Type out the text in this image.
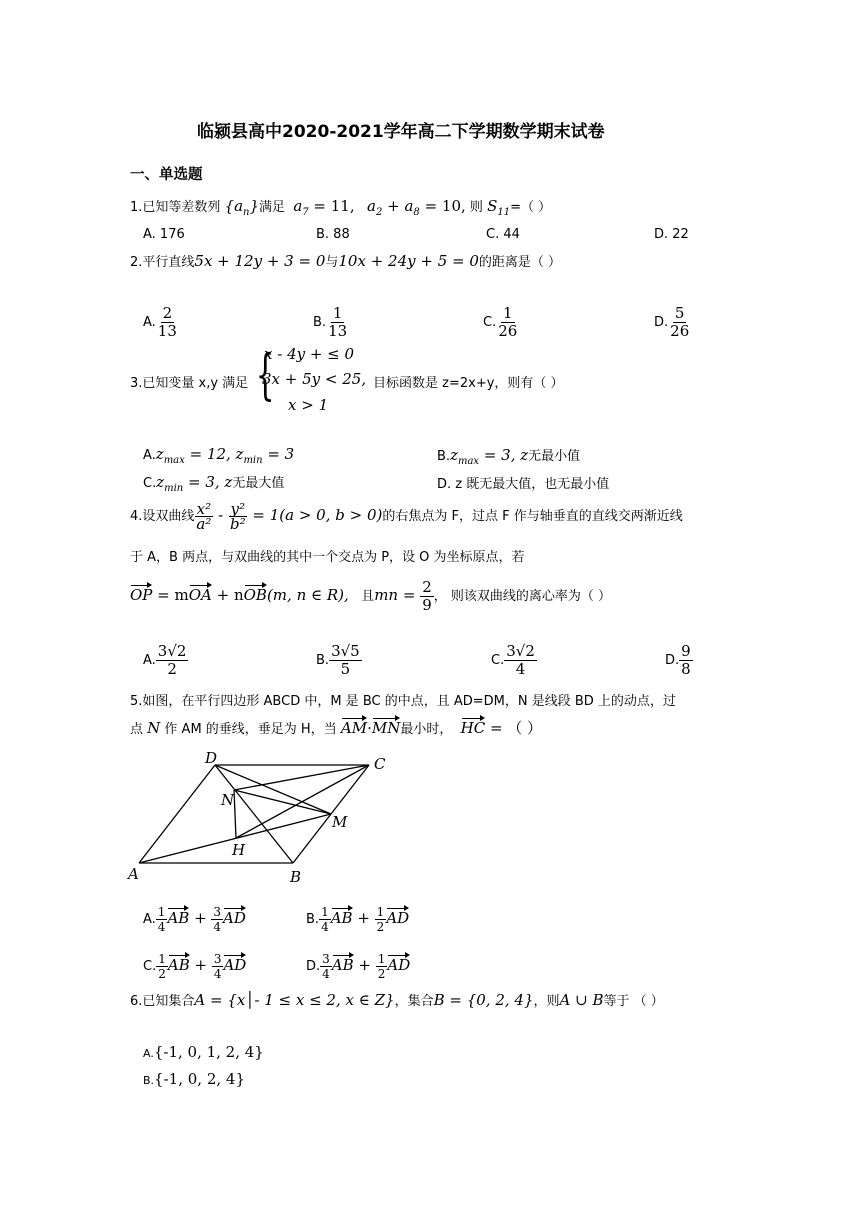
临颍县高中2020-2021学年高二下学期数学期末试卷
一、单选题
1.已知等差数列 $\{a_n\}$满足 $a_7 = 11$, $a_2 + a_8 = 10$, 则 $S_{11}=$（ ）
A. 176	B. 88	C. 44	D. 22
2.平行直线5x + 12y + 3 = 0与10x + 24y + 5 = 0的距离是（ ）
A. $\frac{2}{13}$	B. $\frac{1}{13}$	C. $\frac{1}{26}$	D. $\frac{5}{26}$
3.已知变量 x,y 满足 {
x - 4y + ≤ 0
3x + 5y < 25,
x > 1
目标函数是 z=2x+y，则有（ ）
$A.z_{max} = 12$, $z_{min} = 3$	$B.z_{max} = 3$, z无最小值
$C.z_{min} = 3$, z无最大值	D. z 既无最大值，也无最小值
4.设双曲线 $\frac{\text{x²}}{\text{a²}} - \frac{\text{y²}}{\text{b²}} = 1(a > 0$, b > 0)的右焦点为 F，过点 F 作与轴垂直的直线交两渐近线
于 A，B 两点，与双曲线的其中一个交点为 P，设 O 为坐标原点，若
OP = mOA + nOB(m, n ∈ R), 且mn = $\frac{2}{9}$ ， 则该双曲线的离心率为（ ）
A. $\frac{3√2}{2}$	B. $\frac{3√5}{5}$	C. $\frac{3√2}{4}$	D. $\frac{9}{8}$
5.如图，在平行四边形 ABCD 中，M 是 BC 的中点，且 AD=DM，N 是线段 BD 上的动点，过
点 N 作 AM 的垂线，垂足为 H，当 AM·MN最小时， HC = （ ）
D	C
N
M
H
A	B
A. $\frac{1}{4}$ AB + $\frac{3}{4}$ AD	B. $\frac{1}{4}$ AB + $\frac{1}{2}$ AD
C. $\frac{1}{2}$ AB + $\frac{3}{4}$ AD	D. $\frac{3}{4}$ AB + $\frac{1}{2}$ AD
6.已知集合A = {x│- 1 ≤ x ≤ 2, x ∈ Z}，集合B = {0, 2, 4}，则A ∪ B等于 （ ）
A.{-1, 0, 1, 2, 4}
B.{-1, 0, 2, 4}
